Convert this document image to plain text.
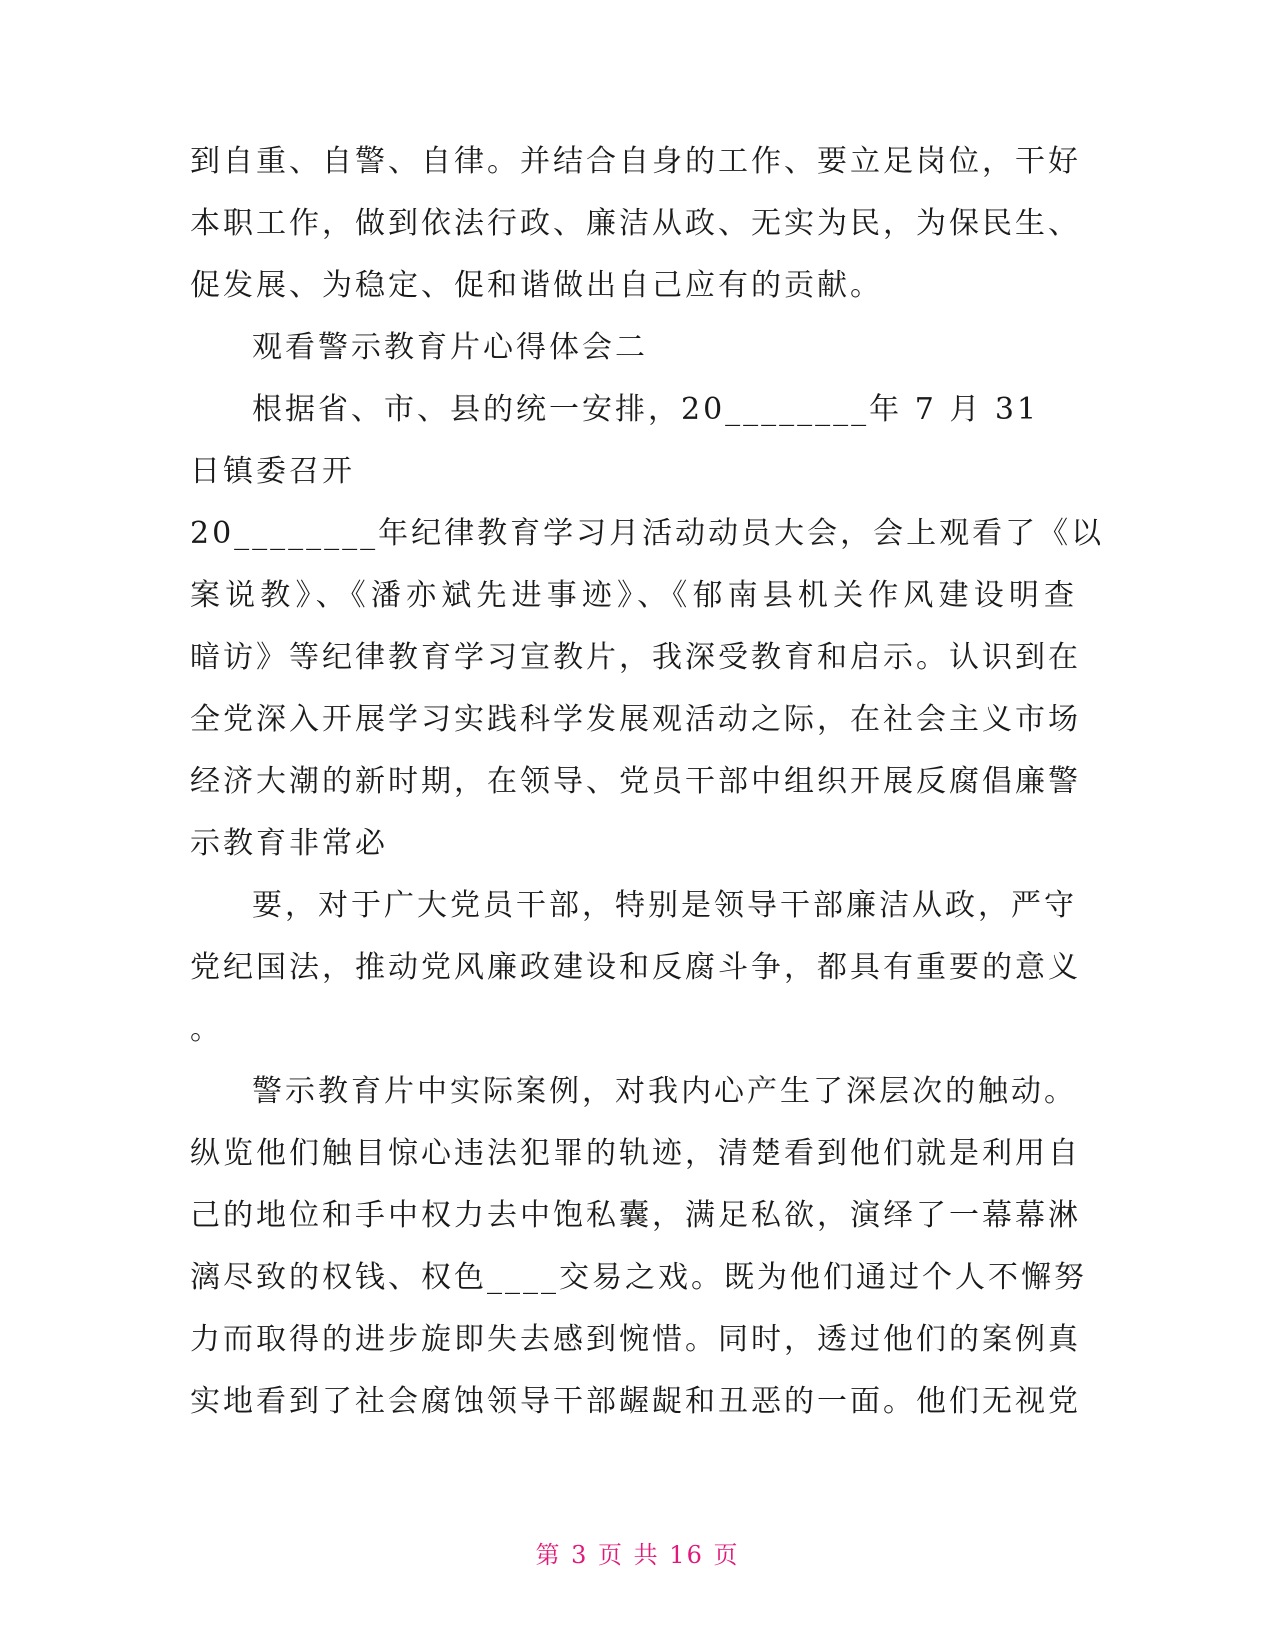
到自重、自警、自律。并结合自身的工作、要立足岗位，干好
本职工作，做到依法行政、廉洁从政、无实为民，为保民生、
促发展、为稳定、促和谐做出自己应有的贡献。
观看警示教育片心得体会二
根据省、市、县的统一安排，20________年 7 月 31
日镇委召开
20________年纪律教育学习月活动动员大会，会上观看了《以
案说教》、《潘亦斌先进事迹》、《郁南县机关作风建设明查
暗访》等纪律教育学习宣教片，我深受教育和启示。认识到在
全党深入开展学习实践科学发展观活动之际，在社会主义市场
经济大潮的新时期，在领导、党员干部中组织开展反腐倡廉警
示教育非常必
要，对于广大党员干部，特别是领导干部廉洁从政，严守
党纪国法，推动党风廉政建设和反腐斗争，都具有重要的意义
。
警示教育片中实际案例，对我内心产生了深层次的触动。
纵览他们触目惊心违法犯罪的轨迹，清楚看到他们就是利用自
己的地位和手中权力去中饱私囊，满足私欲，演绎了一幕幕淋
漓尽致的权钱、权色____交易之戏。既为他们通过个人不懈努
力而取得的进步旋即失去感到惋惜。同时，透过他们的案例真
实地看到了社会腐蚀领导干部龌龊和丑恶的一面。他们无视党
第 3 页 共 16 页
